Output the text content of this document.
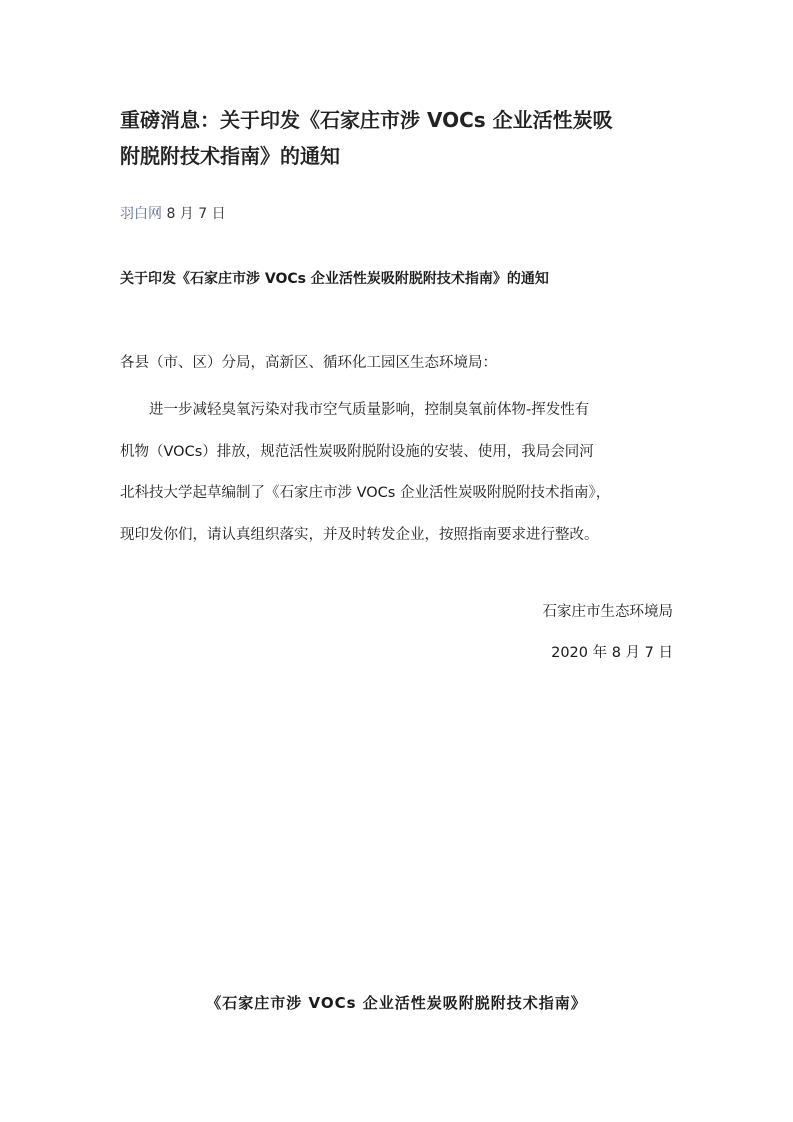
重磅消息：关于印发《石家庄市涉 VOCs 企业活性炭吸
附脱附技术指南》的通知
羽白网 8 月 7 日
关于印发《石家庄市涉 VOCs 企业活性炭吸附脱附技术指南》的通知
各县（市、区）分局，高新区、循环化工园区生态环境局：

进一步减轻臭氧污染对我市空气质量影响，控制臭氧前体物-挥发性有
机物（VOCs）排放，规范活性炭吸附脱附设施的安装、使用，我局会同河
北科技大学起草编制了《石家庄市涉 VOCs 企业活性炭吸附脱附技术指南》，
现印发你们，请认真组织落实，并及时转发企业，按照指南要求进行整改。

石家庄市生态环境局
2020 年 8 月 7 日
《石家庄市涉 VOCs 企业活性炭吸附脱附技术指南》
